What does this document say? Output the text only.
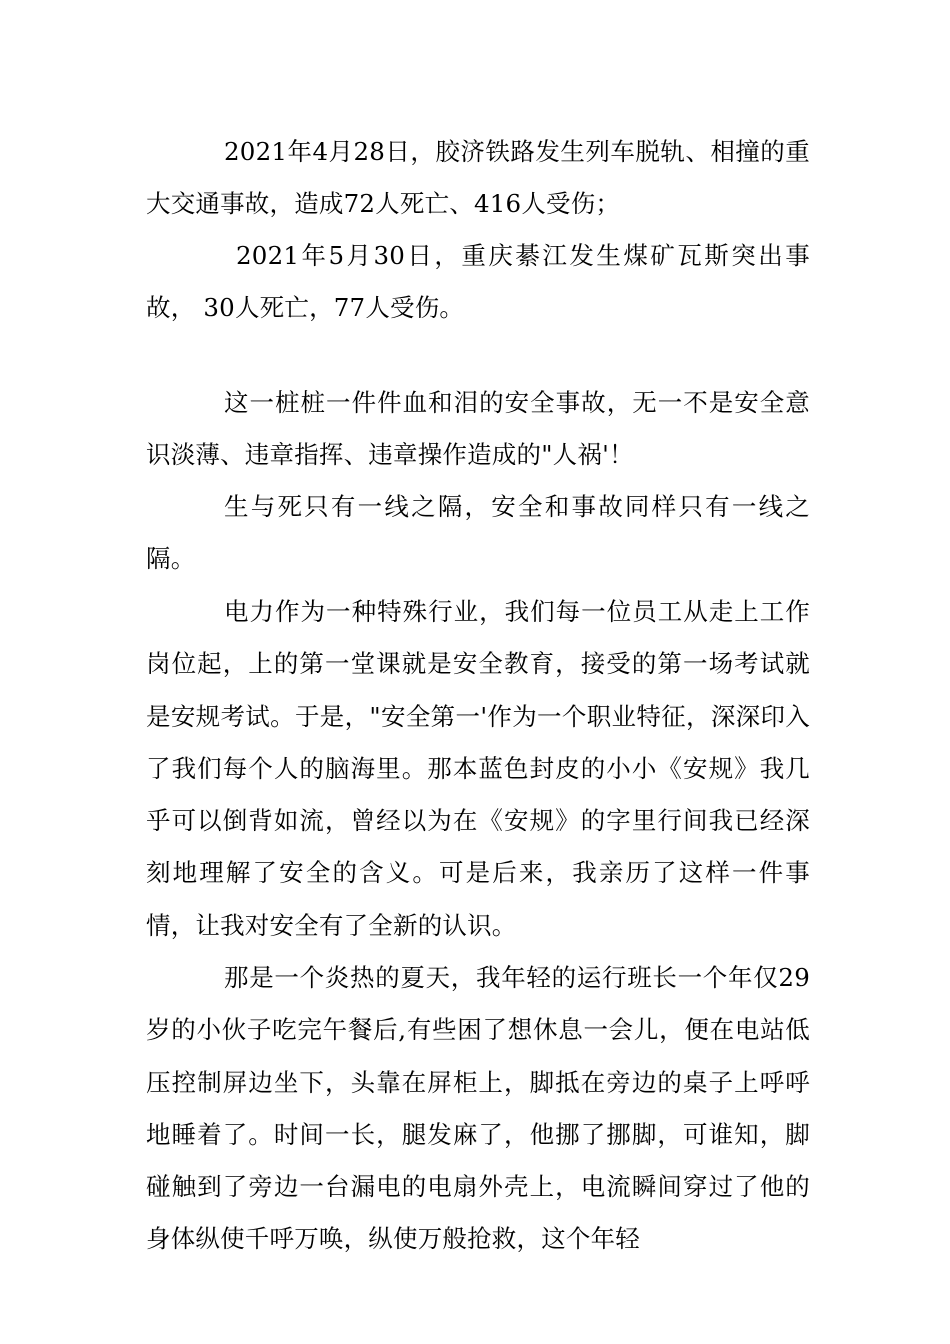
2021年4月28日，胶济铁路发生列车脱轨、相撞的重大交通事故，造成72人死亡、416人受伤；

2021年5月30日，重庆綦江发生煤矿瓦斯突出事故， 30人死亡，77人受伤。

这一桩桩一件件血和泪的安全事故，无一不是安全意识淡薄、违章指挥、违章操作造成的"人祸'！

生与死只有一线之隔，安全和事故同样只有一线之隔。

电力作为一种特殊行业，我们每一位员工从走上工作岗位起，上的第一堂课就是安全教育，接受的第一场考试就是安规考试。于是，"安全第一'作为一个职业特征，深深印入了我们每个人的脑海里。那本蓝色封皮的小小《安规》我几乎可以倒背如流，曾经以为在《安规》的字里行间我已经深刻地理解了安全的含义。可是后来，我亲历了这样一件事情，让我对安全有了全新的认识。

那是一个炎热的夏天，我年轻的运行班长一个年仅29岁的小伙子吃完午餐后,有些困了想休息一会儿，便在电站低压控制屏边坐下，头靠在屏柜上，脚抵在旁边的桌子上呼呼地睡着了。时间一长，腿发麻了，他挪了挪脚，可谁知，脚碰触到了旁边一台漏电的电扇外壳上，电流瞬间穿过了他的身体纵使千呼万唤，纵使万般抢救，这个年轻
